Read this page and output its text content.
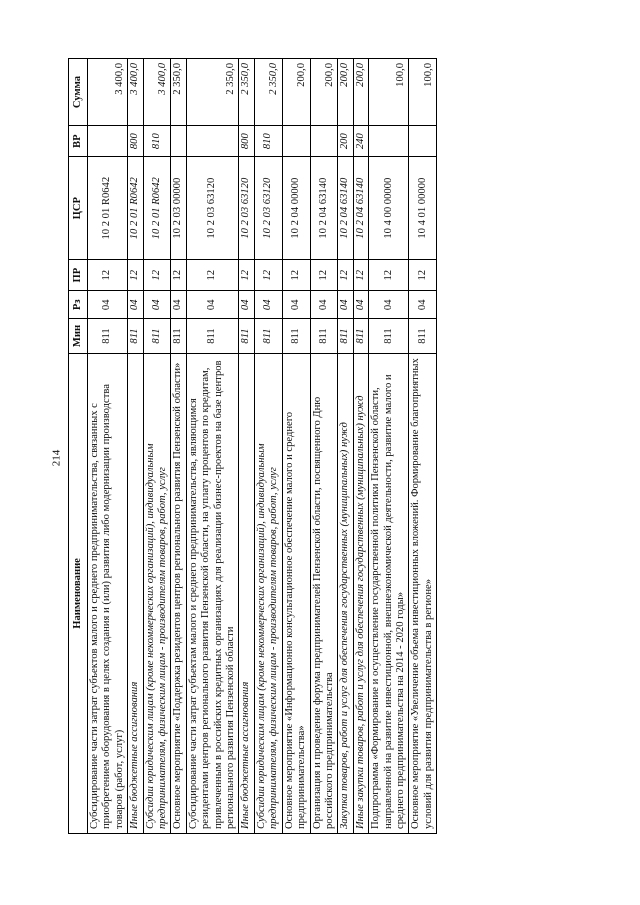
214
Наименование	Мин	Рз	ПР	ЦСР	ВР	Сумма
Субсидирование части затрат субъектов малого и среднего предпринимательства, связанных с приобретением оборудования в целях создания и (или) развития либо модернизации производства товаров (работ, услуг)	811	04	12	10 2 01 R0642		3 400,0
Иные бюджетные ассигнования	811	04	12	10 2 01 R0642	800	3 400,0
Субсидии юридическим лицам (кроме некоммерческих организаций), индивидуальным предпринимателям, физическим лицам - производителям товаров, работ, услуг	811	04	12	10 2 01 R0642	810	3 400,0
Основное мероприятие «Поддержка резидентов центров регионального развития Пензенской области»	811	04	12	10 2 03 00000		2 350,0
Субсидирование части затрат субъектам малого и среднего предпринимательства, являющимся резидентами центров регионального развития Пензенской области, на уплату процентов по кредитам, привлеченным в российских кредитных организациях для реализации бизнес-проектов на базе центров регионального развития Пензенской области	811	04	12	10 2 03 63120		2 350,0
Иные бюджетные ассигнования	811	04	12	10 2 03 63120	800	2 350,0
Субсидии юридическим лицам (кроме некоммерческих организаций), индивидуальным предпринимателям, физическим лицам - производителям товаров, работ, услуг	811	04	12	10 2 03 63120	810	2 350,0
Основное мероприятие «Информационно консультационное обеспечение малого и среднего предпринимательства»	811	04	12	10 2 04 00000		200,0
Организация и проведение форума предпринимателей Пензенской области, посвященного Дню российского предпринимательства	811	04	12	10 2 04 63140		200,0
Закупка товаров, работ и услуг для обеспечения государственных (муниципальных) нужд	811	04	12	10 2 04 63140	200	200,0
Иные закупки товаров, работ и услуг для обеспечения государственных (муниципальных) нужд	811	04	12	10 2 04 63140	240	200,0
Подпрограмма «Формирование и осуществление государственной политики Пензенской области, направленной на развитие инвестиционной, внешнеэкономической деятельности, развитие малого и среднего предпринимательства на 2014 - 2020 годы»	811	04	12	10 4 00 00000		100,0
Основное мероприятие «Увеличение объема инвестиционных вложений. Формирование благоприятных условий для развития предпринимательства в регионе»	811	04	12	10 4 01 00000		100,0
